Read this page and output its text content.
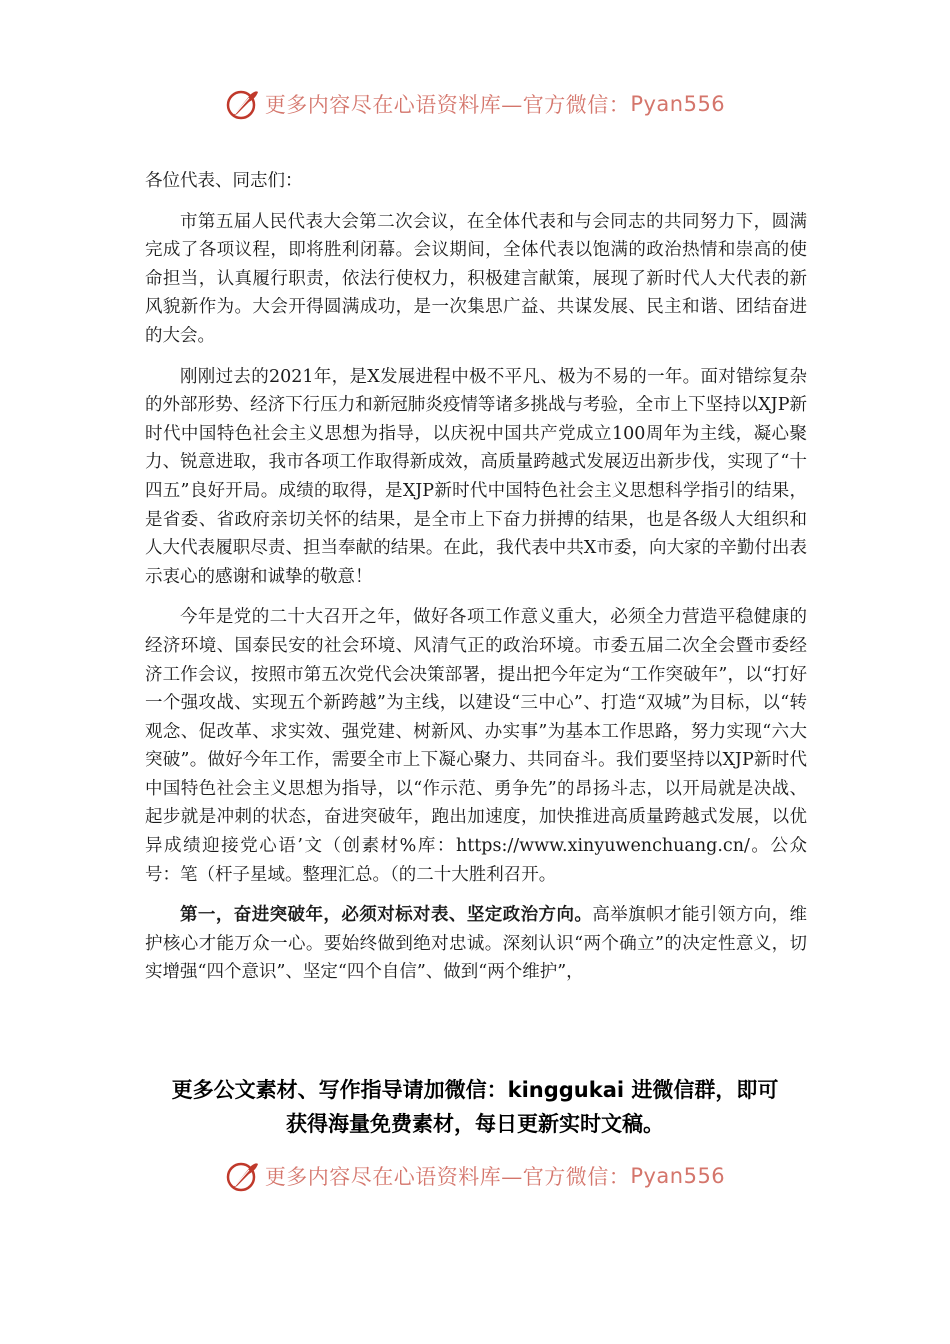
更多内容尽在心语资料库—官方微信： Pyan556

各位代表、同志们：

市第五届人民代表大会第二次会议，在全体代表和与会同志的共同努力下，圆满完成了各项议程，即将胜利闭幕。会议期间，全体代表以饱满的政治热情和崇高的使命担当，认真履行职责，依法行使权力，积极建言献策，展现了新时代人大代表的新风貌新作为。大会开得圆满成功，是一次集思广益、共谋发展、民主和谐、团结奋进的大会。

刚刚过去的2021年，是X发展进程中极不平凡、极为不易的一年。面对错综复杂的外部形势、经济下行压力和新冠肺炎疫情等诸多挑战与考验，全市上下坚持以XJP新时代中国特色社会主义思想为指导，以庆祝中国共产党成立100周年为主线，凝心聚力、锐意进取，我市各项工作取得新成效，高质量跨越式发展迈出新步伐，实现了“十四五”良好开局。成绩的取得，是XJP新时代中国特色社会主义思想科学指引的结果，是省委、省政府亲切关怀的结果，是全市上下奋力拼搏的结果，也是各级人大组织和人大代表履职尽责、担当奉献的结果。在此，我代表中共X市委，向大家的辛勤付出表示衷心的感谢和诚挚的敬意！

今年是党的二十大召开之年，做好各项工作意义重大，必须全力营造平稳健康的经济环境、国泰民安的社会环境、风清气正的政治环境。市委五届二次全会暨市委经济工作会议，按照市第五次党代会决策部署，提出把今年定为“工作突破年”，以“打好一个强攻战、实现五个新跨越”为主线，以建设“三中心”、打造“双城”为目标，以“转观念、促改革、求实效、强党建、树新风、办实事”为基本工作思路，努力实现“六大突破”。做好今年工作，需要全市上下凝心聚力、共同奋斗。我们要坚持以XJP新时代中国特色社会主义思想为指导，以“作示范、勇争先”的昂扬斗志，以开局就是决战、起步就是冲刺的状态，奋进突破年，跑出加速度，加快推进高质量跨越式发展，以优异成绩迎接党心语’文（创素材%库：https://www.xinyuwenchuang.cn/。公众号：笔（杆子星域。整理汇总。（的二十大胜利召开。

第一，奋进突破年，必须对标对表、坚定政治方向。高举旗帜才能引领方向，维护核心才能万众一心。要始终做到绝对忠诚。深刻认识“两个确立”的决定性意义，切实增强“四个意识”、坚定“四个自信”、做到“两个维护”，

更多公文素材、写作指导请加微信：kinggukai 进微信群，即可
获得海量免费素材，每日更新实时文稿。
更多内容尽在心语资料库—官方微信： Pyan556
